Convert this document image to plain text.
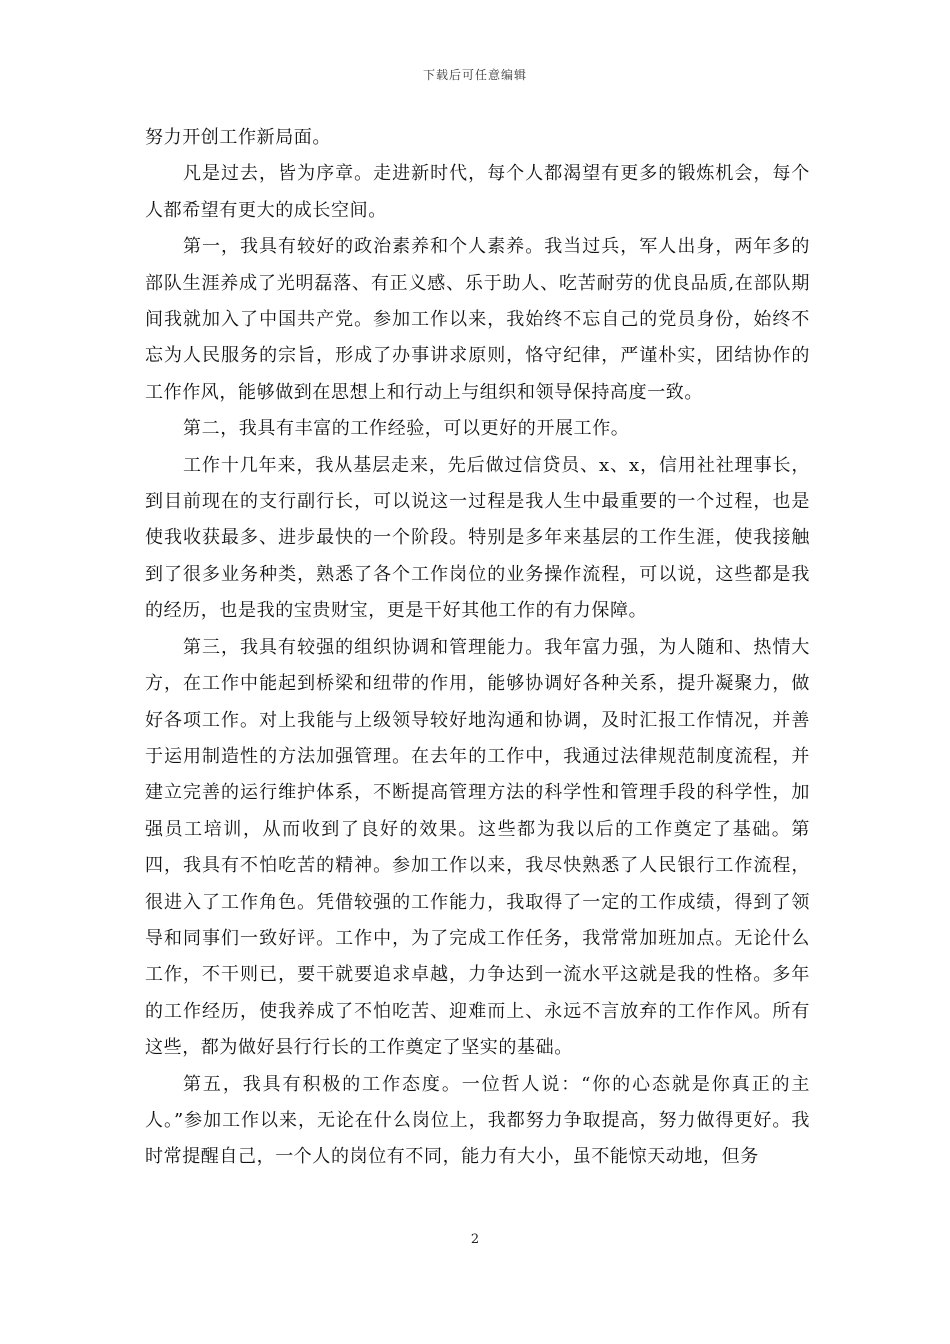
下载后可任意编辑

努力开创工作新局面。

凡是过去，皆为序章。走进新时代，每个人都渴望有更多的锻炼机会，每个人都希望有更大的成长空间。

第一，我具有较好的政治素养和个人素养。我当过兵，军人出身，两年多的部队生涯养成了光明磊落、有正义感、乐于助人、吃苦耐劳的优良品质,在部队期间我就加入了中国共产党。参加工作以来，我始终不忘自己的党员身份，始终不忘为人民服务的宗旨，形成了办事讲求原则，恪守纪律，严谨朴实，团结协作的工作作风，能够做到在思想上和行动上与组织和领导保持高度一致。

第二，我具有丰富的工作经验，可以更好的开展工作。

工作十几年来，我从基层走来，先后做过信贷员、x、x，信用社社理事长，到目前现在的支行副行长，可以说这一过程是我人生中最重要的一个过程，也是使我收获最多、进步最快的一个阶段。特别是多年来基层的工作生涯，使我接触到了很多业务种类，熟悉了各个工作岗位的业务操作流程，可以说，这些都是我的经历，也是我的宝贵财宝，更是干好其他工作的有力保障。

第三，我具有较强的组织协调和管理能力。我年富力强，为人随和、热情大方，在工作中能起到桥梁和纽带的作用，能够协调好各种关系，提升凝聚力，做好各项工作。对上我能与上级领导较好地沟通和协调，及时汇报工作情况，并善于运用制造性的方法加强管理。在去年的工作中，我通过法律规范制度流程，并建立完善的运行维护体系，不断提高管理方法的科学性和管理手段的科学性，加强员工培训，从而收到了良好的效果。这些都为我以后的工作奠定了基础。第四，我具有不怕吃苦的精神。参加工作以来，我尽快熟悉了人民银行工作流程，很进入了工作角色。凭借较强的工作能力，我取得了一定的工作成绩，得到了领导和同事们一致好评。工作中，为了完成工作任务，我常常加班加点。无论什么工作，不干则已，要干就要追求卓越，力争达到一流水平这就是我的性格。多年的工作经历，使我养成了不怕吃苦、迎难而上、永远不言放弃的工作作风。所有这些，都为做好县行行长的工作奠定了坚实的基础。

第五，我具有积极的工作态度。一位哲人说：“你的心态就是你真正的主人。”参加工作以来，无论在什么岗位上，我都努力争取提高，努力做得更好。我时常提醒自己，一个人的岗位有不同，能力有大小，虽不能惊天动地，但务

2
